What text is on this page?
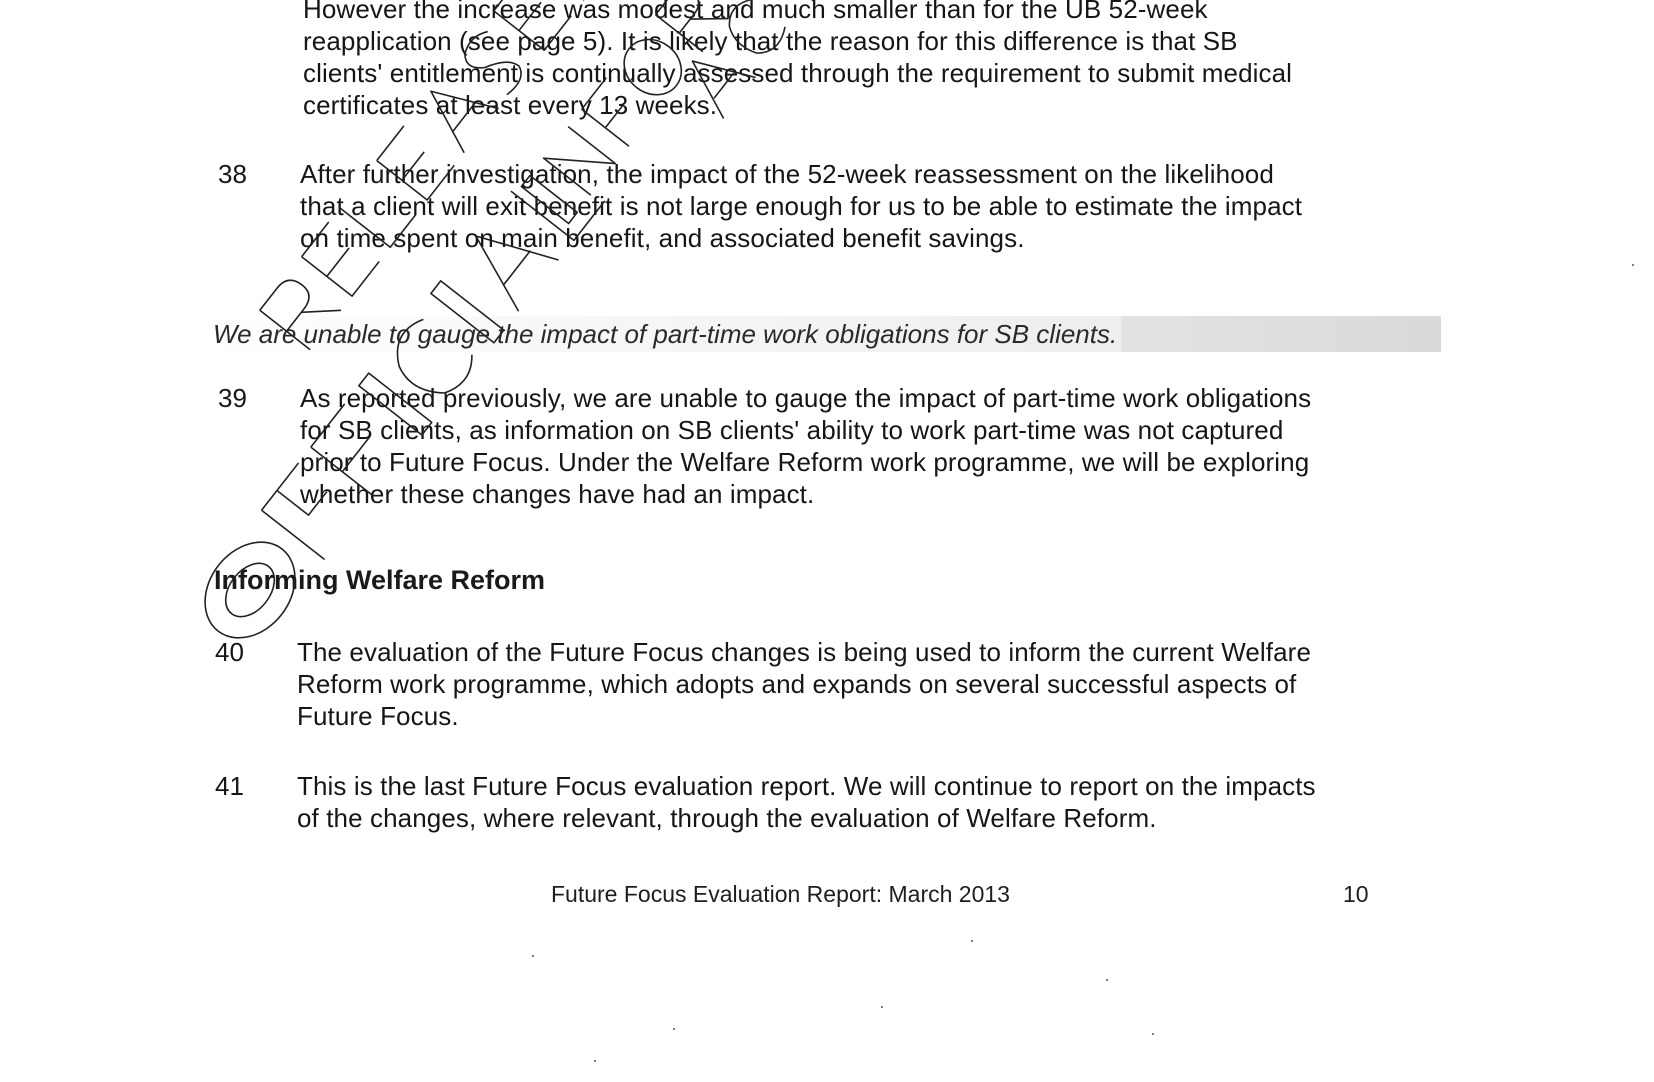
However the increase was modest and much smaller than for the UB 52-week
reapplication (see page 5). It is likely that the reason for this difference is that SB
clients' entitlement is continually assessed through the requirement to submit medical
certificates at least every 13 weeks.
38 After further investigation, the impact of the 52-week reassessment on the likelihood
that a client will exit benefit is not large enough for us to be able to estimate the impact
on time spent on main benefit, and associated benefit savings.
We are unable to gauge the impact of part-time work obligations for SB clients.
39 As reported previously, we are unable to gauge the impact of part-time work obligations
for SB clients, as information on SB clients' ability to work part-time was not captured
prior to Future Focus. Under the Welfare Reform work programme, we will be exploring
whether these changes have had an impact.
Informing Welfare Reform
40 The evaluation of the Future Focus changes is being used to inform the current Welfare
Reform work programme, which adopts and expands on several successful aspects of
Future Focus.
41 This is the last Future Focus evaluation report. We will continue to report on the impacts
of the changes, where relevant, through the evaluation of Welfare Reform.
Future Focus Evaluation Report: March 2013	10
